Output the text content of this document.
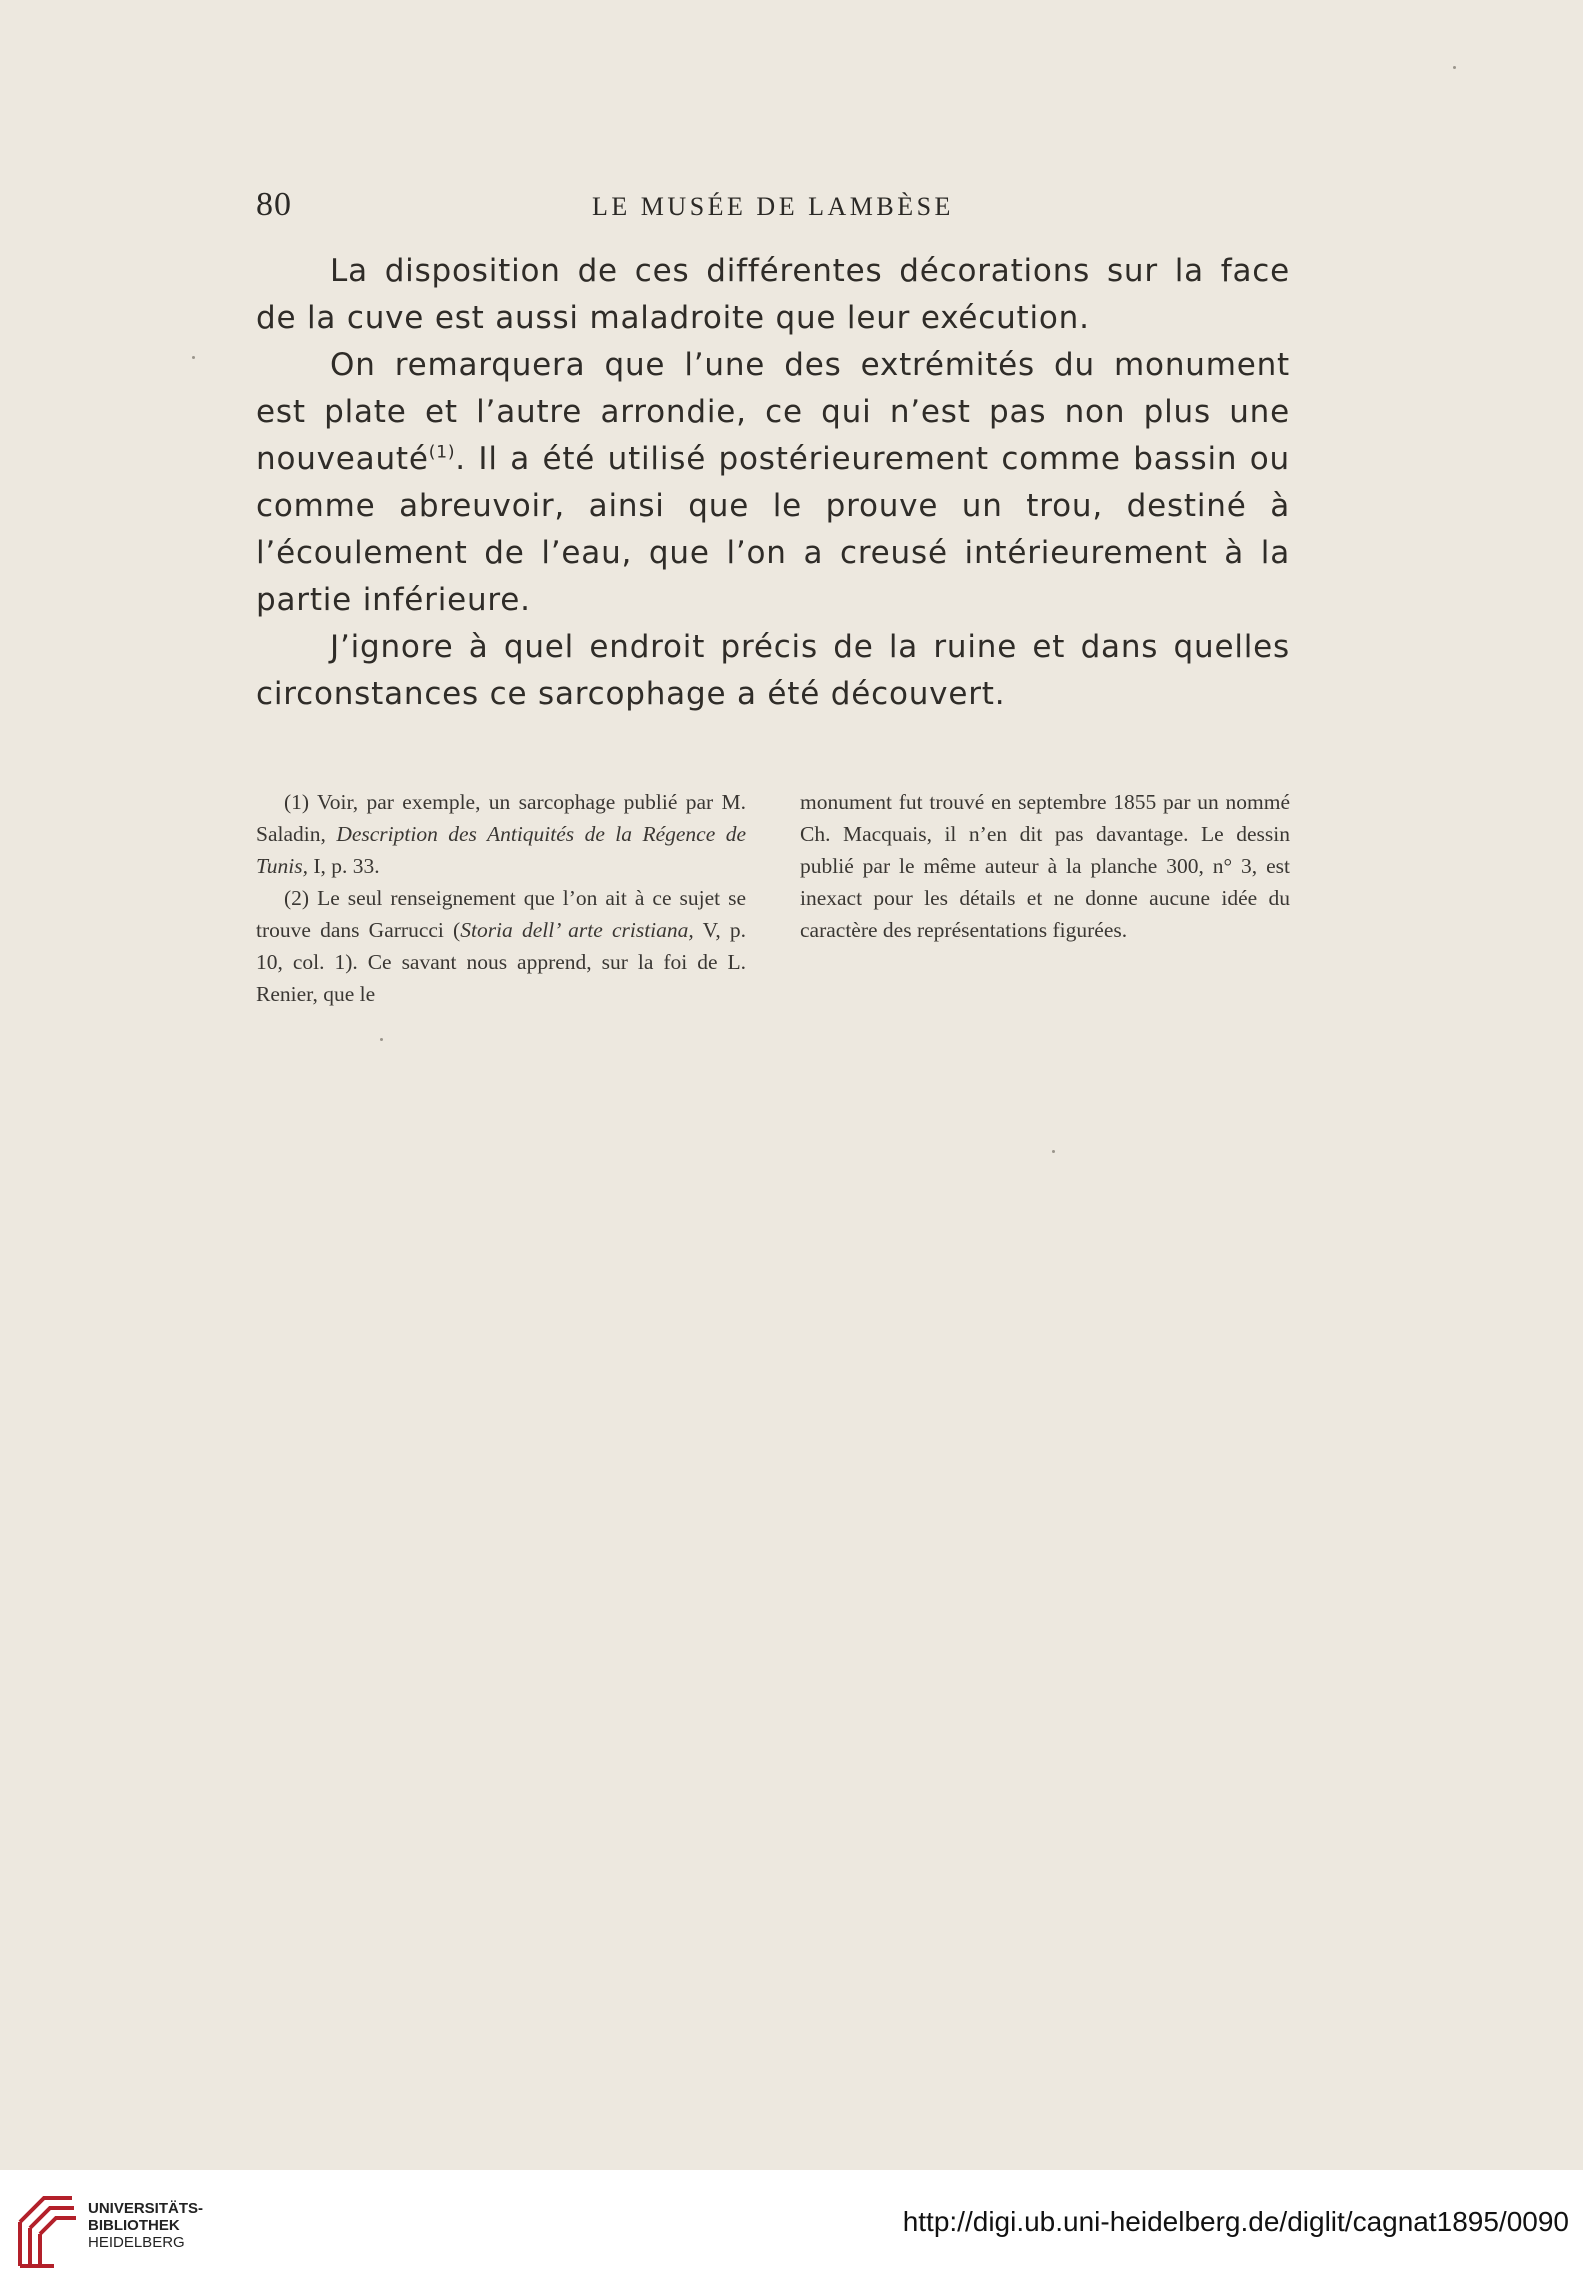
80	LE MUSÉE DE LAMBÈSE

La disposition de ces différentes décorations sur la face de la cuve est aussi maladroite que leur exécution.

On remarquera que l’une des extrémités du monument est plate et l’autre arrondie, ce qui n’est pas non plus une nouveauté$^{(1)}$. Il a été utilisé postérieurement comme bassin ou comme abreuvoir, ainsi que le prouve un trou, destiné à l’écoulement de l’eau, que l’on a creusé intérieurement à la partie inférieure.

J’ignore à quel endroit précis de la ruine et dans quelles circonstances ce sarcophage a été découvert.

(1) Voir, par exemple, un sarcophage publié par M. Saladin, Description des Antiquités de la Régence de Tunis, I, p. 33.

(2) Le seul renseignement que l’on ait à ce sujet se trouve dans Garrucci (Storia dell’ arte cristiana, V, p. 10, col. 1). Ce savant nous apprend, sur la foi de L. Renier, que le

monument fut trouvé en septembre 1855 par un nommé Ch. Macquais, il n’en dit pas davantage. Le dessin publié par le même auteur à la planche 300, n° 3, est inexact pour les détails et ne donne aucune idée du caractère des représentations figurées.

UNIVERSITÄTS-
BIBLIOTHEK
HEIDELBERG
http://digi.ub.uni-heidelberg.de/diglit/cagnat1895/0090
